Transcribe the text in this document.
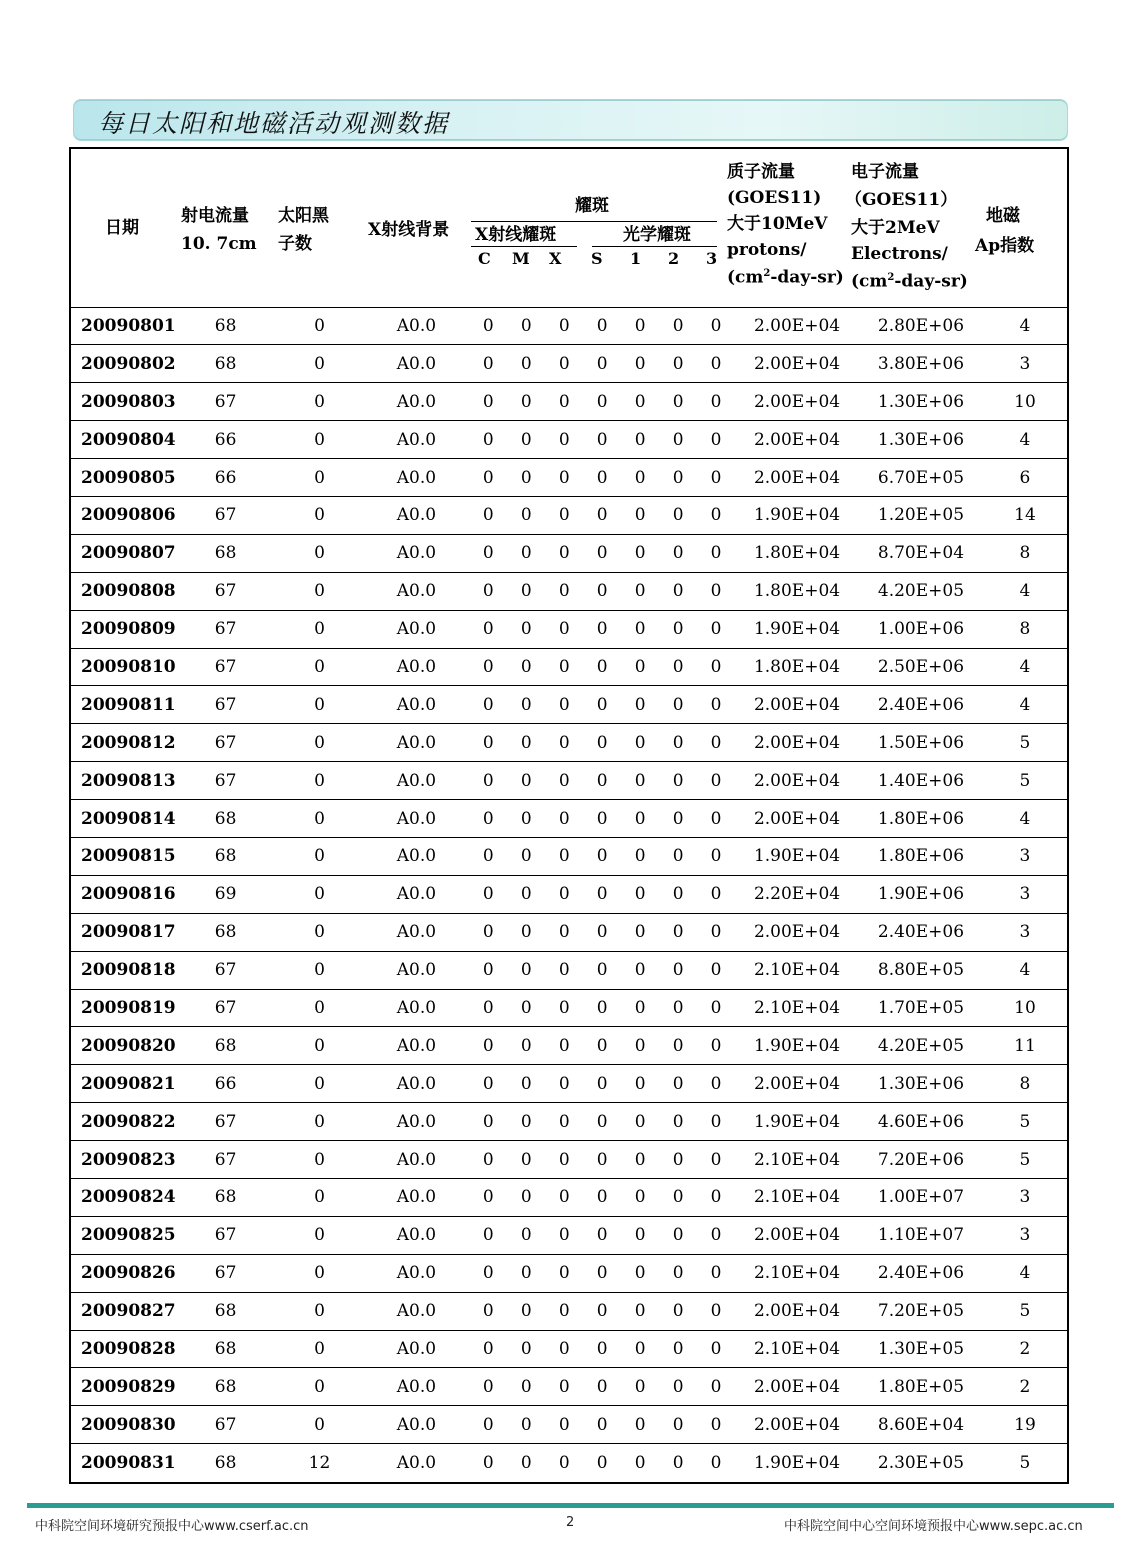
每日太阳和地磁活动观测数据
日期
射电流量
10. 7cm
太阳黑
子数
X射线背景
耀斑
X射线耀斑	光学耀斑
C M X S 1 2 3
质子流量
(GOES11)
大于10MeV
protons/
$(cm^2-day-sr)$
电子流量
（GOES11）
大于2MeV
Electrons/
$(cm^2-day-sr)$
地磁
Ap指数
20090801	68	0	A0.0	0	0	0	0	0	0	0	2.00E+04	2.80E+06	4
20090802	68	0	A0.0	0	0	0	0	0	0	0	2.00E+04	3.80E+06	3
20090803	67	0	A0.0	0	0	0	0	0	0	0	2.00E+04	1.30E+06	10
20090804	66	0	A0.0	0	0	0	0	0	0	0	2.00E+04	1.30E+06	4
20090805	66	0	A0.0	0	0	0	0	0	0	0	2.00E+04	6.70E+05	6
20090806	67	0	A0.0	0	0	0	0	0	0	0	1.90E+04	1.20E+05	14
20090807	68	0	A0.0	0	0	0	0	0	0	0	1.80E+04	8.70E+04	8
20090808	67	0	A0.0	0	0	0	0	0	0	0	1.80E+04	4.20E+05	4
20090809	67	0	A0.0	0	0	0	0	0	0	0	1.90E+04	1.00E+06	8
20090810	67	0	A0.0	0	0	0	0	0	0	0	1.80E+04	2.50E+06	4
20090811	67	0	A0.0	0	0	0	0	0	0	0	2.00E+04	2.40E+06	4
20090812	67	0	A0.0	0	0	0	0	0	0	0	2.00E+04	1.50E+06	5
20090813	67	0	A0.0	0	0	0	0	0	0	0	2.00E+04	1.40E+06	5
20090814	68	0	A0.0	0	0	0	0	0	0	0	2.00E+04	1.80E+06	4
20090815	68	0	A0.0	0	0	0	0	0	0	0	1.90E+04	1.80E+06	3
20090816	69	0	A0.0	0	0	0	0	0	0	0	2.20E+04	1.90E+06	3
20090817	68	0	A0.0	0	0	0	0	0	0	0	2.00E+04	2.40E+06	3
20090818	67	0	A0.0	0	0	0	0	0	0	0	2.10E+04	8.80E+05	4
20090819	67	0	A0.0	0	0	0	0	0	0	0	2.10E+04	1.70E+05	10
20090820	68	0	A0.0	0	0	0	0	0	0	0	1.90E+04	4.20E+05	11
20090821	66	0	A0.0	0	0	0	0	0	0	0	2.00E+04	1.30E+06	8
20090822	67	0	A0.0	0	0	0	0	0	0	0	1.90E+04	4.60E+06	5
20090823	67	0	A0.0	0	0	0	0	0	0	0	2.10E+04	7.20E+06	5
20090824	68	0	A0.0	0	0	0	0	0	0	0	2.10E+04	1.00E+07	3
20090825	67	0	A0.0	0	0	0	0	0	0	0	2.00E+04	1.10E+07	3
20090826	67	0	A0.0	0	0	0	0	0	0	0	2.10E+04	2.40E+06	4
20090827	68	0	A0.0	0	0	0	0	0	0	0	2.00E+04	7.20E+05	5
20090828	68	0	A0.0	0	0	0	0	0	0	0	2.10E+04	1.30E+05	2
20090829	68	0	A0.0	0	0	0	0	0	0	0	2.00E+04	1.80E+05	2
20090830	67	0	A0.0	0	0	0	0	0	0	0	2.00E+04	8.60E+04	19
20090831	68	12	A0.0	0	0	0	0	0	0	0	1.90E+04	2.30E+05	5
中科院空间环境研究预报中心www.cserf.ac.cn	2	中科院空间中心空间环境预报中心www.sepc.ac.cn
